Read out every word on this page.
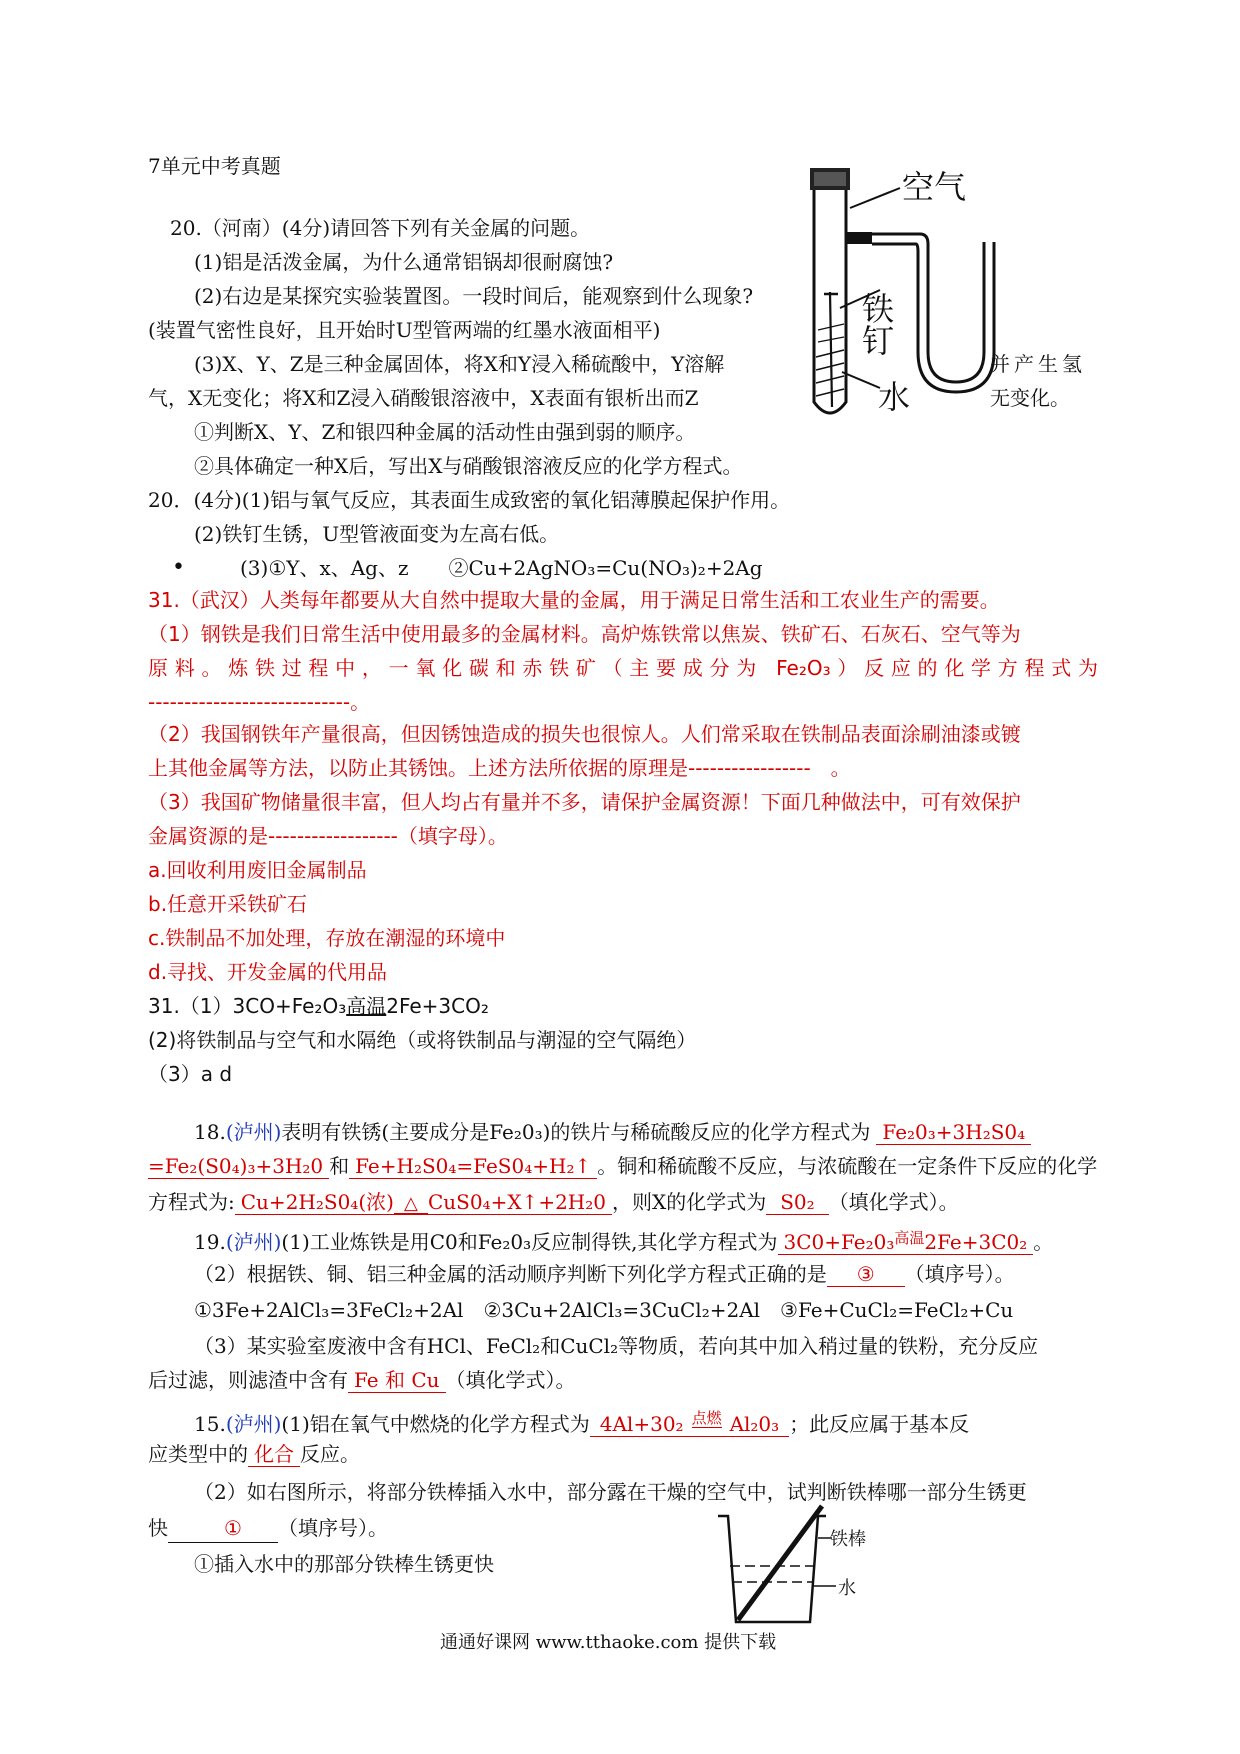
7单元中考真题
20.（河南）(4分)请回答下列有关金属的问题。
(1)铝是活泼金属，为什么通常铝锅却很耐腐蚀?
(2)右边是某探究实验装置图。一段时间后，能观察到什么现象?
(装置气密性良好，且开始时U型管两端的红墨水液面相平)
(3)X、Y、Z是三种金属固体，将X和Y浸入稀硫酸中，Y溶解	并产生氢
气，X无变化；将X和Z浸入硝酸银溶液中，X表面有银析出而Z	无变化。
①判断X、Y、Z和银四种金属的活动性由强到弱的顺序。
②具体确定一种X后，写出X与硝酸银溶液反应的化学方程式。
空气
铁钉
水
20．(4分)(1)铝与氧气反应，其表面生成致密的氧化铝薄膜起保护作用。
(2)铁钉生锈，U型管液面变为左高右低。
•	(3)①Y、x、Ag、z　　②Cu+2AgNO₃=Cu(NO₃)₂+2Ag
31.（武汉）人类每年都要从大自然中提取大量的金属，用于满足日常生活和工农业生产的需要。
（1）钢铁是我们日常生活中使用最多的金属材料。高炉炼铁常以焦炭、铁矿石、石灰石、空气等为
原料。炼铁过程中，一氧化碳和赤铁矿（主要成分为 Fe₂O₃）反应的化学方程式为
----------------------------。
（2）我国钢铁年产量很高，但因锈蚀造成的损失也很惊人。人们常采取在铁制品表面涂刷油漆或镀
上其他金属等方法，以防止其锈蚀。上述方法所依据的原理是-----------------　。
（3）我国矿物储量很丰富，但人均占有量并不多，请保护金属资源！下面几种做法中，可有效保护
金属资源的是------------------（填字母）。
a.回收利用废旧金属制品
b.任意开采铁矿石
c.铁制品不加处理，存放在潮湿的环境中
d.寻找、开发金属的代用品
31.（1）3CO+Fe₂O₃高温2Fe+3CO₂
(2)将铁制品与空气和水隔绝（或将铁制品与潮湿的空气隔绝）
（3）a d
18.(泸州)表明有铁锈(主要成分是Fe₂0₃)的铁片与稀硫酸反应的化学方程式为 Fe₂0₃+3H₂S0₄
=Fe₂(S0₄)₃+3H₂0 和 Fe+H₂S0₄=FeS0₄+H₂↑ 。铜和稀硫酸不反应，与浓硫酸在一定条件下反应的化学
方程式为: Cu+2H₂S0₄(浓) △ CuS0₄+X↑+2H₂0 ，则X的化学式为 S0₂ （填化学式）。
19.(泸州)(1)工业炼铁是用C0和Fe₂0₃反应制得铁,其化学方程式为 3C0+Fe₂0₃$^{高温}$2Fe+3C0₂ 。
（2）根据铁、铜、铝三种金属的活动顺序判断下列化学方程式正确的是 ③ （填序号）。
①3Fe+2AlCl₃=3FeCl₂+2Al　②3Cu+2AlCl₃=3CuCl₂+2Al　③Fe+CuCl₂=FeCl₂+Cu
（3）某实验室废液中含有HCl、FeCl₂和CuCl₂等物质，若向其中加入稍过量的铁粉，充分反应
后过滤，则滤渣中含有 Fe 和 Cu （填化学式）。
15.(泸州)(1)铝在氧气中燃烧的化学方程式为 4Al+30₂ $^{点燃}$ Al₂0₃ ；此反应属于基本反
应类型中的 化合 反应。
（2）如右图所示，将部分铁棒插入水中，部分露在干燥的空气中，试判断铁棒哪一部分生锈更
快	① （填序号）。
①插入水中的那部分铁棒生锈更快
铁棒
水
通通好课网 www.tthaoke.com 提供下载
